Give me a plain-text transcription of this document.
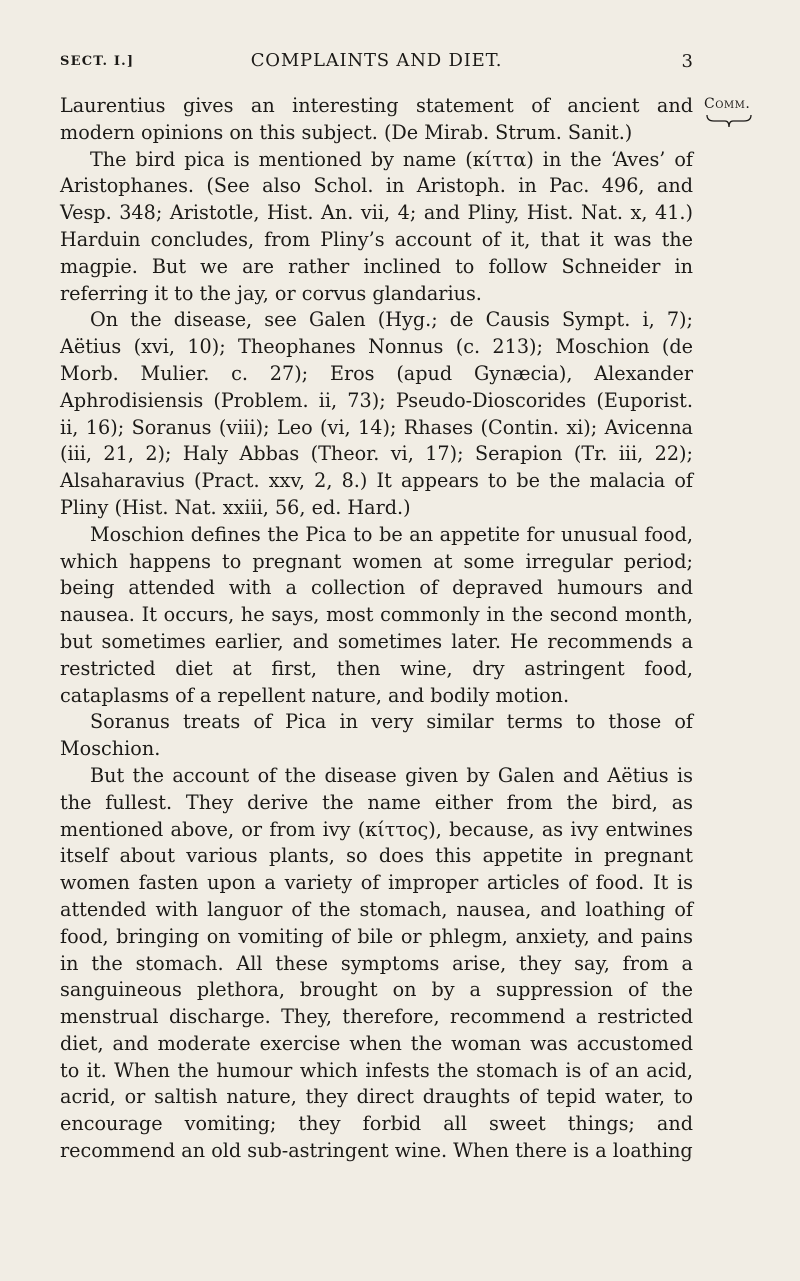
SECT. I.]	COMPLAINTS AND DIET.	3
Comm.

Laurentius gives an interesting statement of ancient and modern opinions on this subject. (De Mirab. Strum. Sanit.)

The bird pica is mentioned by name (κίττα) in the ‘Aves’ of Aristophanes. (See also Schol. in Aristoph. in Pac. 496, and Vesp. 348; Aristotle, Hist. An. vii, 4; and Pliny, Hist. Nat. x, 41.) Harduin concludes, from Pliny’s account of it, that it was the magpie. But we are rather inclined to follow Schneider in referring it to the jay, or corvus glandarius.

On the disease, see Galen (Hyg.; de Causis Sympt. i, 7); Aëtius (xvi, 10); Theophanes Nonnus (c. 213); Moschion (de Morb. Mulier. c. 27); Eros (apud Gynæcia), Alexander Aphrodisiensis (Problem. ii, 73); Pseudo-Dioscorides (Euporist. ii, 16); Soranus (viii); Leo (vi, 14); Rhases (Contin. xi); Avicenna (iii, 21, 2); Haly Abbas (Theor. vi, 17); Serapion (Tr. iii, 22); Alsaharavius (Pract. xxv, 2, 8.) It appears to be the malacia of Pliny (Hist. Nat. xxiii, 56, ed. Hard.)

Moschion defines the Pica to be an appetite for unusual food, which happens to pregnant women at some irregular period; being attended with a collection of depraved humours and nausea. It occurs, he says, most commonly in the second month, but sometimes earlier, and sometimes later. He recommends a restricted diet at first, then wine, dry astringent food, cataplasms of a repellent nature, and bodily motion.

Soranus treats of Pica in very similar terms to those of Moschion.

But the account of the disease given by Galen and Aëtius is the fullest. They derive the name either from the bird, as mentioned above, or from ivy (κίττος), because, as ivy entwines itself about various plants, so does this appetite in pregnant women fasten upon a variety of improper articles of food. It is attended with languor of the stomach, nausea, and loathing of food, bringing on vomiting of bile or phlegm, anxiety, and pains in the stomach. All these symptoms arise, they say, from a sanguineous plethora, brought on by a suppression of the menstrual discharge. They, therefore, recommend a restricted diet, and moderate exercise when the woman was accustomed to it. When the humour which infests the stomach is of an acid, acrid, or saltish nature, they direct draughts of tepid water, to encourage vomiting; they forbid all sweet things; and recommend an old sub-astringent wine. When there is a loathing
